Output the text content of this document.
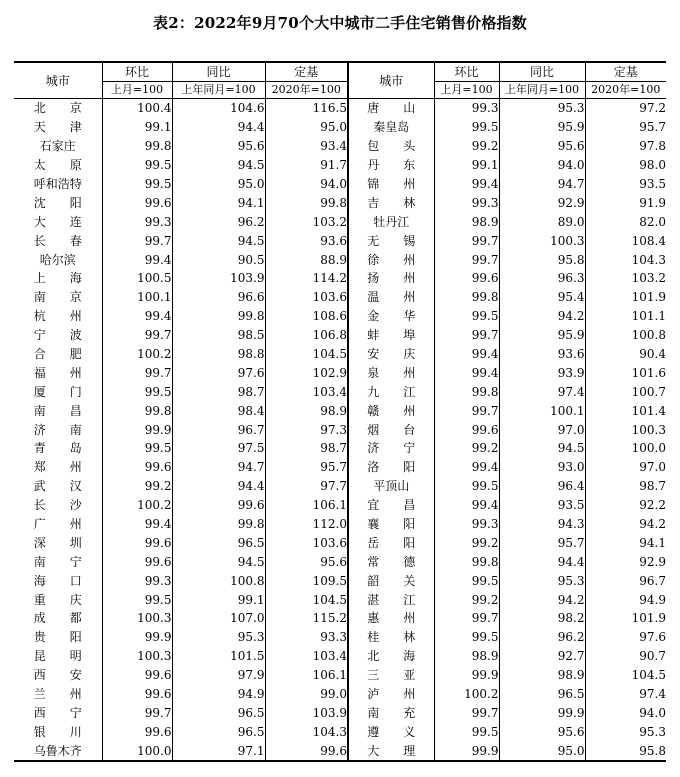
表2：2022年9月70个大中城市二手住宅销售价格指数
城市	环比	同比	定基	城市	环比	同比	定基
	上月=100	上年同月=100	2020年=100		上月=100	上年同月=100	2020年=100
北　　京	100.4	104.6	116.5	唐　　山	99.3	95.3	97.2
天　　津	99.1	94.4	95.0	秦皇岛	99.5	95.9	95.7
石家庄	99.8	95.6	93.4	包　　头	99.2	95.6	97.8
太　　原	99.5	94.5	91.7	丹　　东	99.1	94.0	98.0
呼和浩特	99.5	95.0	94.0	锦　　州	99.4	94.7	93.5
沈　　阳	99.6	94.1	99.8	吉　　林	99.3	92.9	91.9
大　　连	99.3	96.2	103.2	牡丹江	98.9	89.0	82.0
长　　春	99.7	94.5	93.6	无　　锡	99.7	100.3	108.4
哈尔滨	99.4	90.5	88.9	徐　　州	99.7	95.8	104.3
上　　海	100.5	103.9	114.2	扬　　州	99.6	96.3	103.2
南　　京	100.1	96.6	103.6	温　　州	99.8	95.4	101.9
杭　　州	99.4	99.8	108.6	金　　华	99.5	94.2	101.1
宁　　波	99.7	98.5	106.8	蚌　　埠	99.7	95.9	100.8
合　　肥	100.2	98.8	104.5	安　　庆	99.4	93.6	90.4
福　　州	99.7	97.6	102.9	泉　　州	99.4	93.9	101.6
厦　　门	99.5	98.7	103.4	九　　江	99.8	97.4	100.7
南　　昌	99.8	98.4	98.9	赣　　州	99.7	100.1	101.4
济　　南	99.9	96.7	97.3	烟　　台	99.6	97.0	100.3
青　　岛	99.5	97.5	98.7	济　　宁	99.2	94.5	100.0
郑　　州	99.6	94.7	95.7	洛　　阳	99.4	93.0	97.0
武　　汉	99.2	94.4	97.7	平顶山	99.5	96.4	98.7
长　　沙	100.2	99.6	106.1	宜　　昌	99.4	93.5	92.2
广　　州	99.4	99.8	112.0	襄　　阳	99.3	94.3	94.2
深　　圳	99.6	96.5	103.6	岳　　阳	99.2	95.7	94.1
南　　宁	99.6	94.5	95.6	常　　德	99.8	94.4	92.9
海　　口	99.3	100.8	109.5	韶　　关	99.5	95.3	96.7
重　　庆	99.5	99.1	104.5	湛　　江	99.2	94.2	94.9
成　　都	100.3	107.0	115.2	惠　　州	99.7	98.2	101.9
贵　　阳	99.9	95.3	93.3	桂　　林	99.5	96.2	97.6
昆　　明	100.3	101.5	103.4	北　　海	98.9	92.7	90.7
西　　安	99.6	97.9	106.1	三　　亚	99.9	98.9	104.5
兰　　州	99.6	94.9	99.0	泸　　州	100.2	96.5	97.4
西　　宁	99.7	96.5	103.9	南　　充	99.7	99.9	94.0
银　　川	99.6	96.5	104.3	遵　　义	99.5	95.6	95.3
乌鲁木齐	100.0	97.1	99.6	大　　理	99.9	95.0	95.8
